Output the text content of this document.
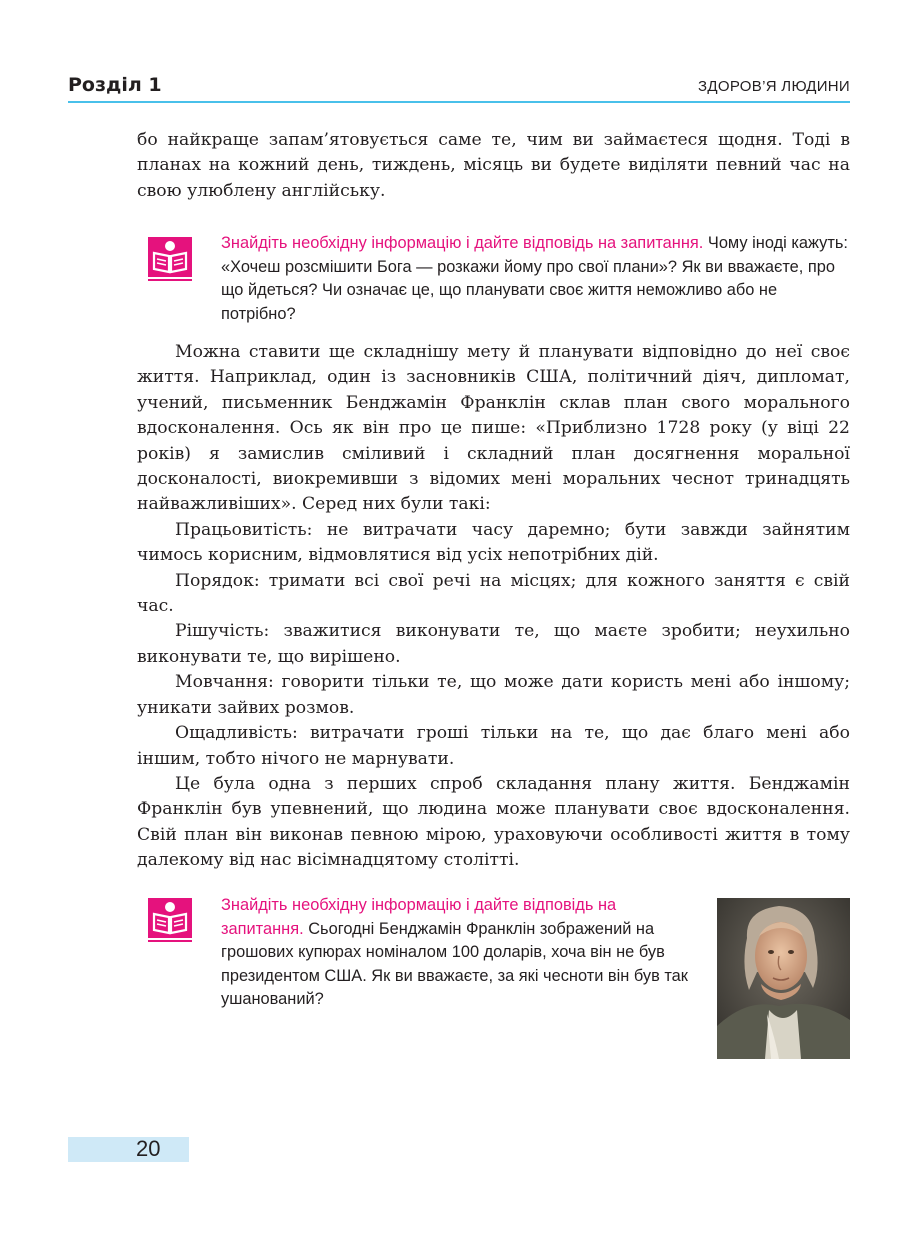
Розділ 1	ЗДОРОВ’Я ЛЮДИНИ

бо найкраще запам’ятовується саме те, чим ви займаєтеся щодня. Тоді в планах на кожний день, тиждень, місяць ви будете виділяти певний час на свою улюблену англійську.

Знайдіть необхідну інформацію і дайте відповідь на запитання. Чому іноді кажуть: «Хочеш розсмішити Бога — розкажи йому про свої плани»? Як ви вважаєте, про що йдеться? Чи означає це, що планувати своє життя неможливо або не потрібно?

Можна ставити ще складнішу мету й планувати відповідно до неї своє життя. Наприклад, один із засновників США, політичний діяч, дипломат, учений, письменник Бенджамін Франклін склав план свого морального вдосконалення. Ось як він про це пише: «Приблизно 1728 року (у віці 22 років) я замислив сміливий і складний план досягнення моральної досконалості, виокремивши з відомих мені моральних чеснот тринадцять найважливіших». Серед них були такі:

Працьовитість: не витрачати часу даремно; бути завжди зайнятим чимось корисним, відмовлятися від усіх непотрібних дій.

Порядок: тримати всі свої речі на місцях; для кожного заняття є свій час.

Рішучість: зважитися виконувати те, що маєте зробити; неухильно виконувати те, що вирішено.

Мовчання: говорити тільки те, що може дати користь мені або іншому; уникати зайвих розмов.

Ощадливість: витрачати гроші тільки на те, що дає благо мені або іншим, тобто нічого не марнувати.

Це була одна з перших спроб складання плану життя. Бенджамін Франклін був упевнений, що людина може планувати своє вдосконалення. Свій план він виконав певною мірою, ураховуючи особливості життя в тому далекому від нас вісімнадцятому столітті.

Знайдіть необхідну інформацію і дайте відповідь на запитання. Сьогодні Бенджамін Франклін зображений на грошових купюрах номіналом 100 доларів, хоча він не був президентом США. Як ви вважаєте, за які чесноти він був так ушанований?
20
